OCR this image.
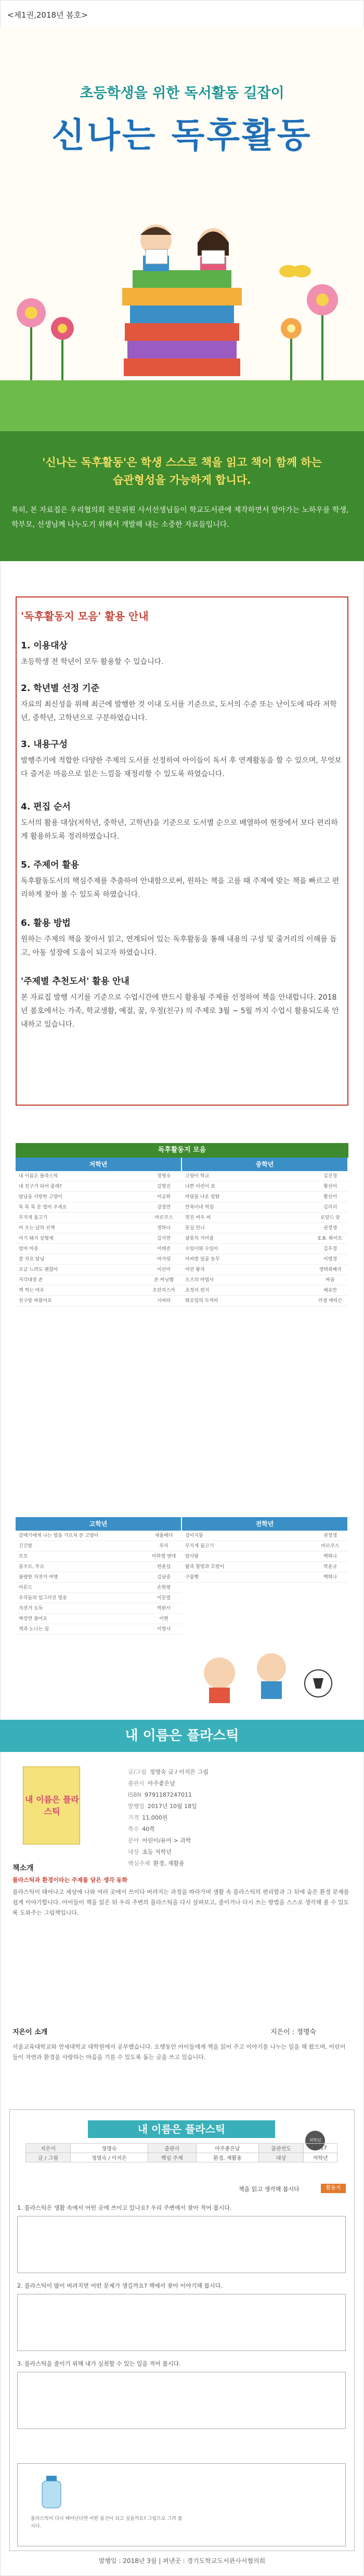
<제1권,2018년 봄호>
초등학생을 위한 독서활동 길잡이
신나는 독후활동
'신나는 독후활동'은 학생 스스로 책을 읽고 책이 함께 하는
습관형성을 가능하게 합니다.
특히, 본 자료집은 우리협의회 전문위원 사서선생님들이 학교도서관에 제작하면서 알아가는 노하우를 학생, 학부모, 선생님께 나누도기 위해서 개발해 내는 소중한 자료들입니다.
'독후활동지 모음' 활용 안내
1. 이용대상

초등학생 전 학년이 모두 활용할 수 있습니다.

2. 학년별 선정 기준

자료의 최신성을 위해 최근에 발행한 것 이내 도서를 기준으로, 도서의 수준 또는 난이도에 따라 저학년, 중학년, 고학년으로 구분하였습니다.

3. 내용구성

발행주기에 적합한 다양한 주제의 도서를 선정하여 아이들이 독서 후 연계활동을 할 수 있으며, 무엇보다 즐거운 마음으로 읽은 느낌을 재정리할 수 있도록 하였습니다.

4. 편집 순서

도서의 활용 대상(저학년, 중학년, 고학년)을 기준으로 도서별 순으로 배열하여 현장에서 보다 편리하게 활용하도록 정리하였습니다.

5. 주제어 활용

독후활동도서의 핵심주제를 추출하여 안내함으로써, 원하는 책을 고를 때 주제에 맞는 책을 빠르고 편리하게 찾아 볼 수 있도록 하였습니다.

6. 활용 방법

원하는 주제의 책을 찾아서 읽고, 연계되어 있는 독후활동을 통해 내용의 구성 및 줄거리의 이해를 돕고, 아동 성장에 도움이 되고자 하였습니다.

'주제별 추천도서' 활용 안내

본 자료집 발행 시기를 기준으로 수업시간에 반드시 활용될 주제를 선정하여 책을 안내합니다. 2018년 봄호에서는 가족, 학교생활, 예절, 꿈, 우정(친구) 의 주제로 3월 ~ 5월 까지 수업시 활용되도록 안내하고 있습니다.

독후활동지 모음
저학년
내 이름은 플라스틱	정명숙
내 친구가 되어 줄래?	김영진
달님을 사랑한 고양이	이금희
똑 똑 똑 문 열어 주세요	강정연
무지개 물고기	마르쿠스
비 오는 날의 산책	정하나
아기 돼지 삼형제	김지연
엄마 마중	이태준
잘 자요 달님	마거릿
조금 느려도 괜찮아	이선미
지각대장 존	존 버닝햄
책 먹는 여우	프란치스카
친구랑 싸웠어요	시바타
중학년
고양이 학교	김진경
나쁜 어린이 표	황선미
마당을 나온 암탉	황선미
만복이네 떡집	김리리
멋진 여우 씨	로알드 달
몽실 언니	권정생
샬롯의 거미줄	E.B. 화이트
수일이와 수일이	김우경
아씨방 일곱 동무	이영경
어린 왕자	생텍쥐페리
오즈의 마법사	바움
초정리 편지	배유안
화요일의 두꺼비	러셀 에릭슨
고학년
갈매기에게 나는 법을 가르쳐 준 고양이	세풀베다
긴긴밤	루리
모모	미하엘 엔데
봉주르, 뚜르	한윤섭
불량한 자전거 여행	김남중
아몬드	손원평
우리들의 일그러진 영웅	이문열
자전거 도둑	박완서
짜장면 불어요	이현
책과 노니는 집	이영서
전학년
강아지똥	권정생
무지개 물고기	마르쿠스
알사탕	백희나
팥죽 할멈과 호랑이	박윤규
구름빵	백희나
내 이름은 플라스틱
내 이름은 플라스틱
글/그림 정명숙 글 / 이지은 그림
출판사 아주좋은날
ISBN 9791187247011
발행일 2017년 10월 18일
가격 11,000원
쪽수 40쪽
분야 어린이/유아 > 과학
대상 초등 저학년
핵심주제 환경, 재활용
책소개
플라스틱과 환경이라는 주제를 담은 생각 동화
플라스틱이 태어나고 세상에 나와 여러 곳에서 쓰이다 버려지는 과정을 따라가며 생활 속 플라스틱의 편리함과 그 뒤에 숨은 환경 문제를 쉽게 이야기합니다. 아이들이 책을 읽은 뒤 우리 주변의 플라스틱을 다시 살펴보고, 줄이거나 다시 쓰는 방법을 스스로 생각해 볼 수 있도록 도와주는 그림책입니다.
지은이 소개	지은이 : 정명숙
서울교육대학교와 연세대학교 대학원에서 공부했습니다. 오랫동안 아이들에게 책을 읽어 주고 이야기를 나누는 일을 해 왔으며, 어린이들이 자연과 환경을 사랑하는 마음을 기를 수 있도록 돕는 글을 쓰고 있습니다.
내 이름은 플라스틱
저학년
지은이	정명숙	출판사	아주좋은날	출판연도	2017
글 / 그림	정명숙 / 이지은	핵심 주제	환경, 재활용	대상	저학년
책을 읽고 생각해 봅시다	활동지
1. 플라스틱은 생활 속에서 어떤 곳에 쓰이고 있나요? 우리 주변에서 찾아 적어 봅시다.
2. 플라스틱이 많이 버려지면 어떤 문제가 생길까요? 책에서 찾아 이야기해 봅시다.
3. 플라스틱을 줄이기 위해 내가 실천할 수 있는 일을 적어 봅시다.
플라스틱이 다시 태어난다면 어떤 물건이 되고 싶을까요? 그림으로 그려 봅시다.
발행일 : 2018년 3월 | 펴낸곳 : 경기도학교도서관사서협의회
